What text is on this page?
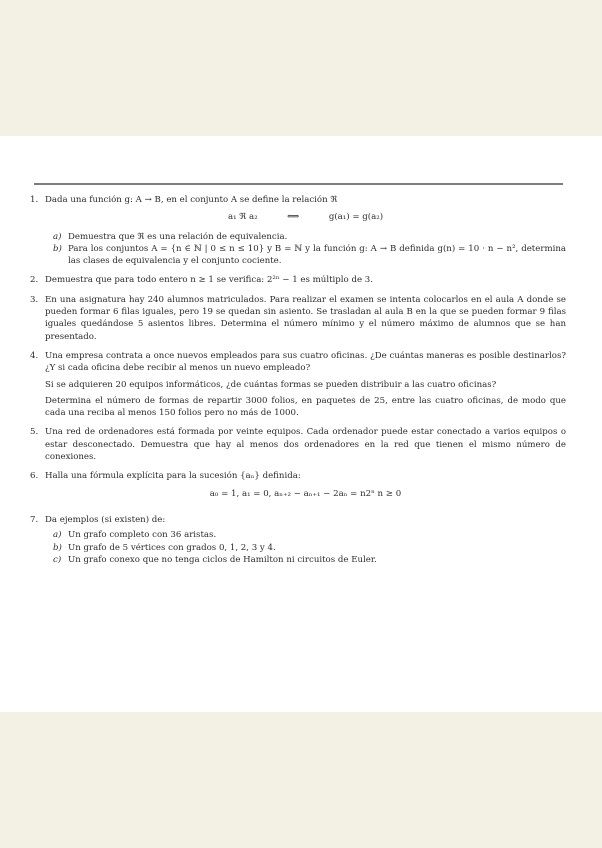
1. Dada una función g: A → B, en el conjunto A se define la relación ℜ

a₁ ℜ a₂	⟺	g(a₁) = g(a₂)
a) Demuestra que ℜ es una relación de equivalencia.
b) Para los conjuntos A = {n ∈ ℕ | 0 ≤ n ≤ 10} y B = ℕ y la función g: A → B definida g(n) = 10 · n − n², determina las clases de equivalencia y el conjunto cociente.
2. Demuestra que para todo entero n ≥ 1 se verifica: 2²ⁿ − 1 es múltiplo de 3.
3. En una asignatura hay 240 alumnos matriculados. Para realizar el examen se intenta colocarlos en el aula A donde se pueden formar 6 filas iguales, pero 19 se quedan sin asiento. Se trasladan al aula B en la que se pueden formar 9 filas iguales quedándose 5 asientos libres. Determina el número mínimo y el número máximo de alumnos que se han presentado.
4. Una empresa contrata a once nuevos empleados para sus cuatro oficinas. ¿De cuántas maneras es posible destinarlos? ¿Y si cada oficina debe recibir al menos un nuevo empleado?

Si se adquieren 20 equipos informáticos, ¿de cuántas formas se pueden distribuir a las cuatro oficinas?

Determina el número de formas de repartir 3000 folios, en paquetes de 25, entre las cuatro oficinas, de modo que cada una reciba al menos 150 folios pero no más de 1000.

5. Una red de ordenadores está formada por veinte equipos. Cada ordenador puede estar conectado a varios equipos o estar desconectado. Demuestra que hay al menos dos ordenadores en la red que tienen el mismo número de conexiones.
6. Halla una fórmula explícita para la sucesión {aₙ} definida:

a₀ = 1, a₁ = 0, aₙ₊₂ − aₙ₊₁ − 2aₙ = n2ⁿ n ≥ 0
7. Da ejemplos (si existen) de:

a) Un grafo completo con 36 aristas.
b) Un grafo de 5 vértices con grados 0, 1, 2, 3 y 4.
c) Un grafo conexo que no tenga ciclos de Hamilton ni circuitos de Euler.
